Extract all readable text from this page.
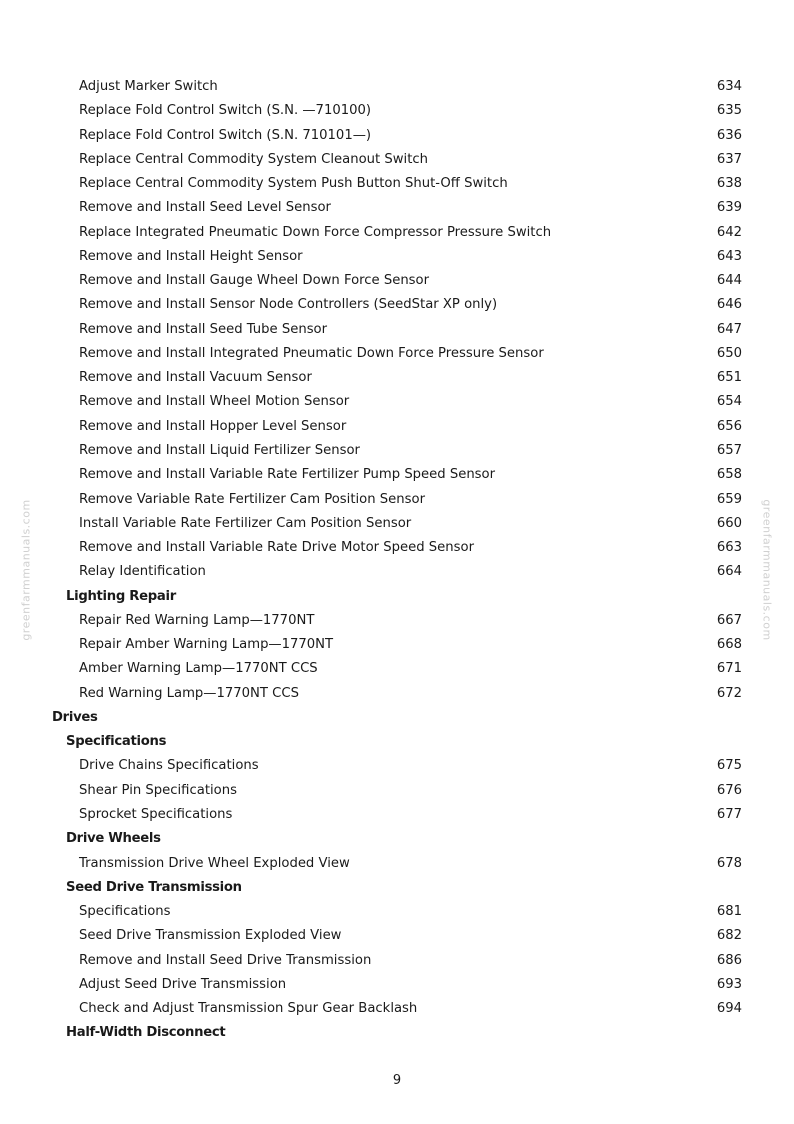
greenfarmmanuals.com	greenfarmmanuals.com
Adjust Marker Switch	634
Replace Fold Control Switch (S.N. —710100)	635
Replace Fold Control Switch (S.N. 710101—)	636
Replace Central Commodity System Cleanout Switch	637
Replace Central Commodity System Push Button Shut-Off Switch	638
Remove and Install Seed Level Sensor	639
Replace Integrated Pneumatic Down Force Compressor Pressure Switch	642
Remove and Install Height Sensor	643
Remove and Install Gauge Wheel Down Force Sensor	644
Remove and Install Sensor Node Controllers (SeedStar XP only)	646
Remove and Install Seed Tube Sensor	647
Remove and Install Integrated Pneumatic Down Force Pressure Sensor	650
Remove and Install Vacuum Sensor	651
Remove and Install Wheel Motion Sensor	654
Remove and Install Hopper Level Sensor	656
Remove and Install Liquid Fertilizer Sensor	657
Remove and Install Variable Rate Fertilizer Pump Speed Sensor	658
Remove Variable Rate Fertilizer Cam Position Sensor	659
Install Variable Rate Fertilizer Cam Position Sensor	660
Remove and Install Variable Rate Drive Motor Speed Sensor	663
Relay Identification	664
Lighting Repair
Repair Red Warning Lamp—1770NT	667
Repair Amber Warning Lamp—1770NT	668
Amber Warning Lamp—1770NT CCS	671
Red Warning Lamp—1770NT CCS	672
Drives
Specifications
Drive Chains Specifications	675
Shear Pin Specifications	676
Sprocket Specifications	677
Drive Wheels
Transmission Drive Wheel Exploded View	678
Seed Drive Transmission
Specifications	681
Seed Drive Transmission Exploded View	682
Remove and Install Seed Drive Transmission	686
Adjust Seed Drive Transmission	693
Check and Adjust Transmission Spur Gear Backlash	694
Half-Width Disconnect
9
